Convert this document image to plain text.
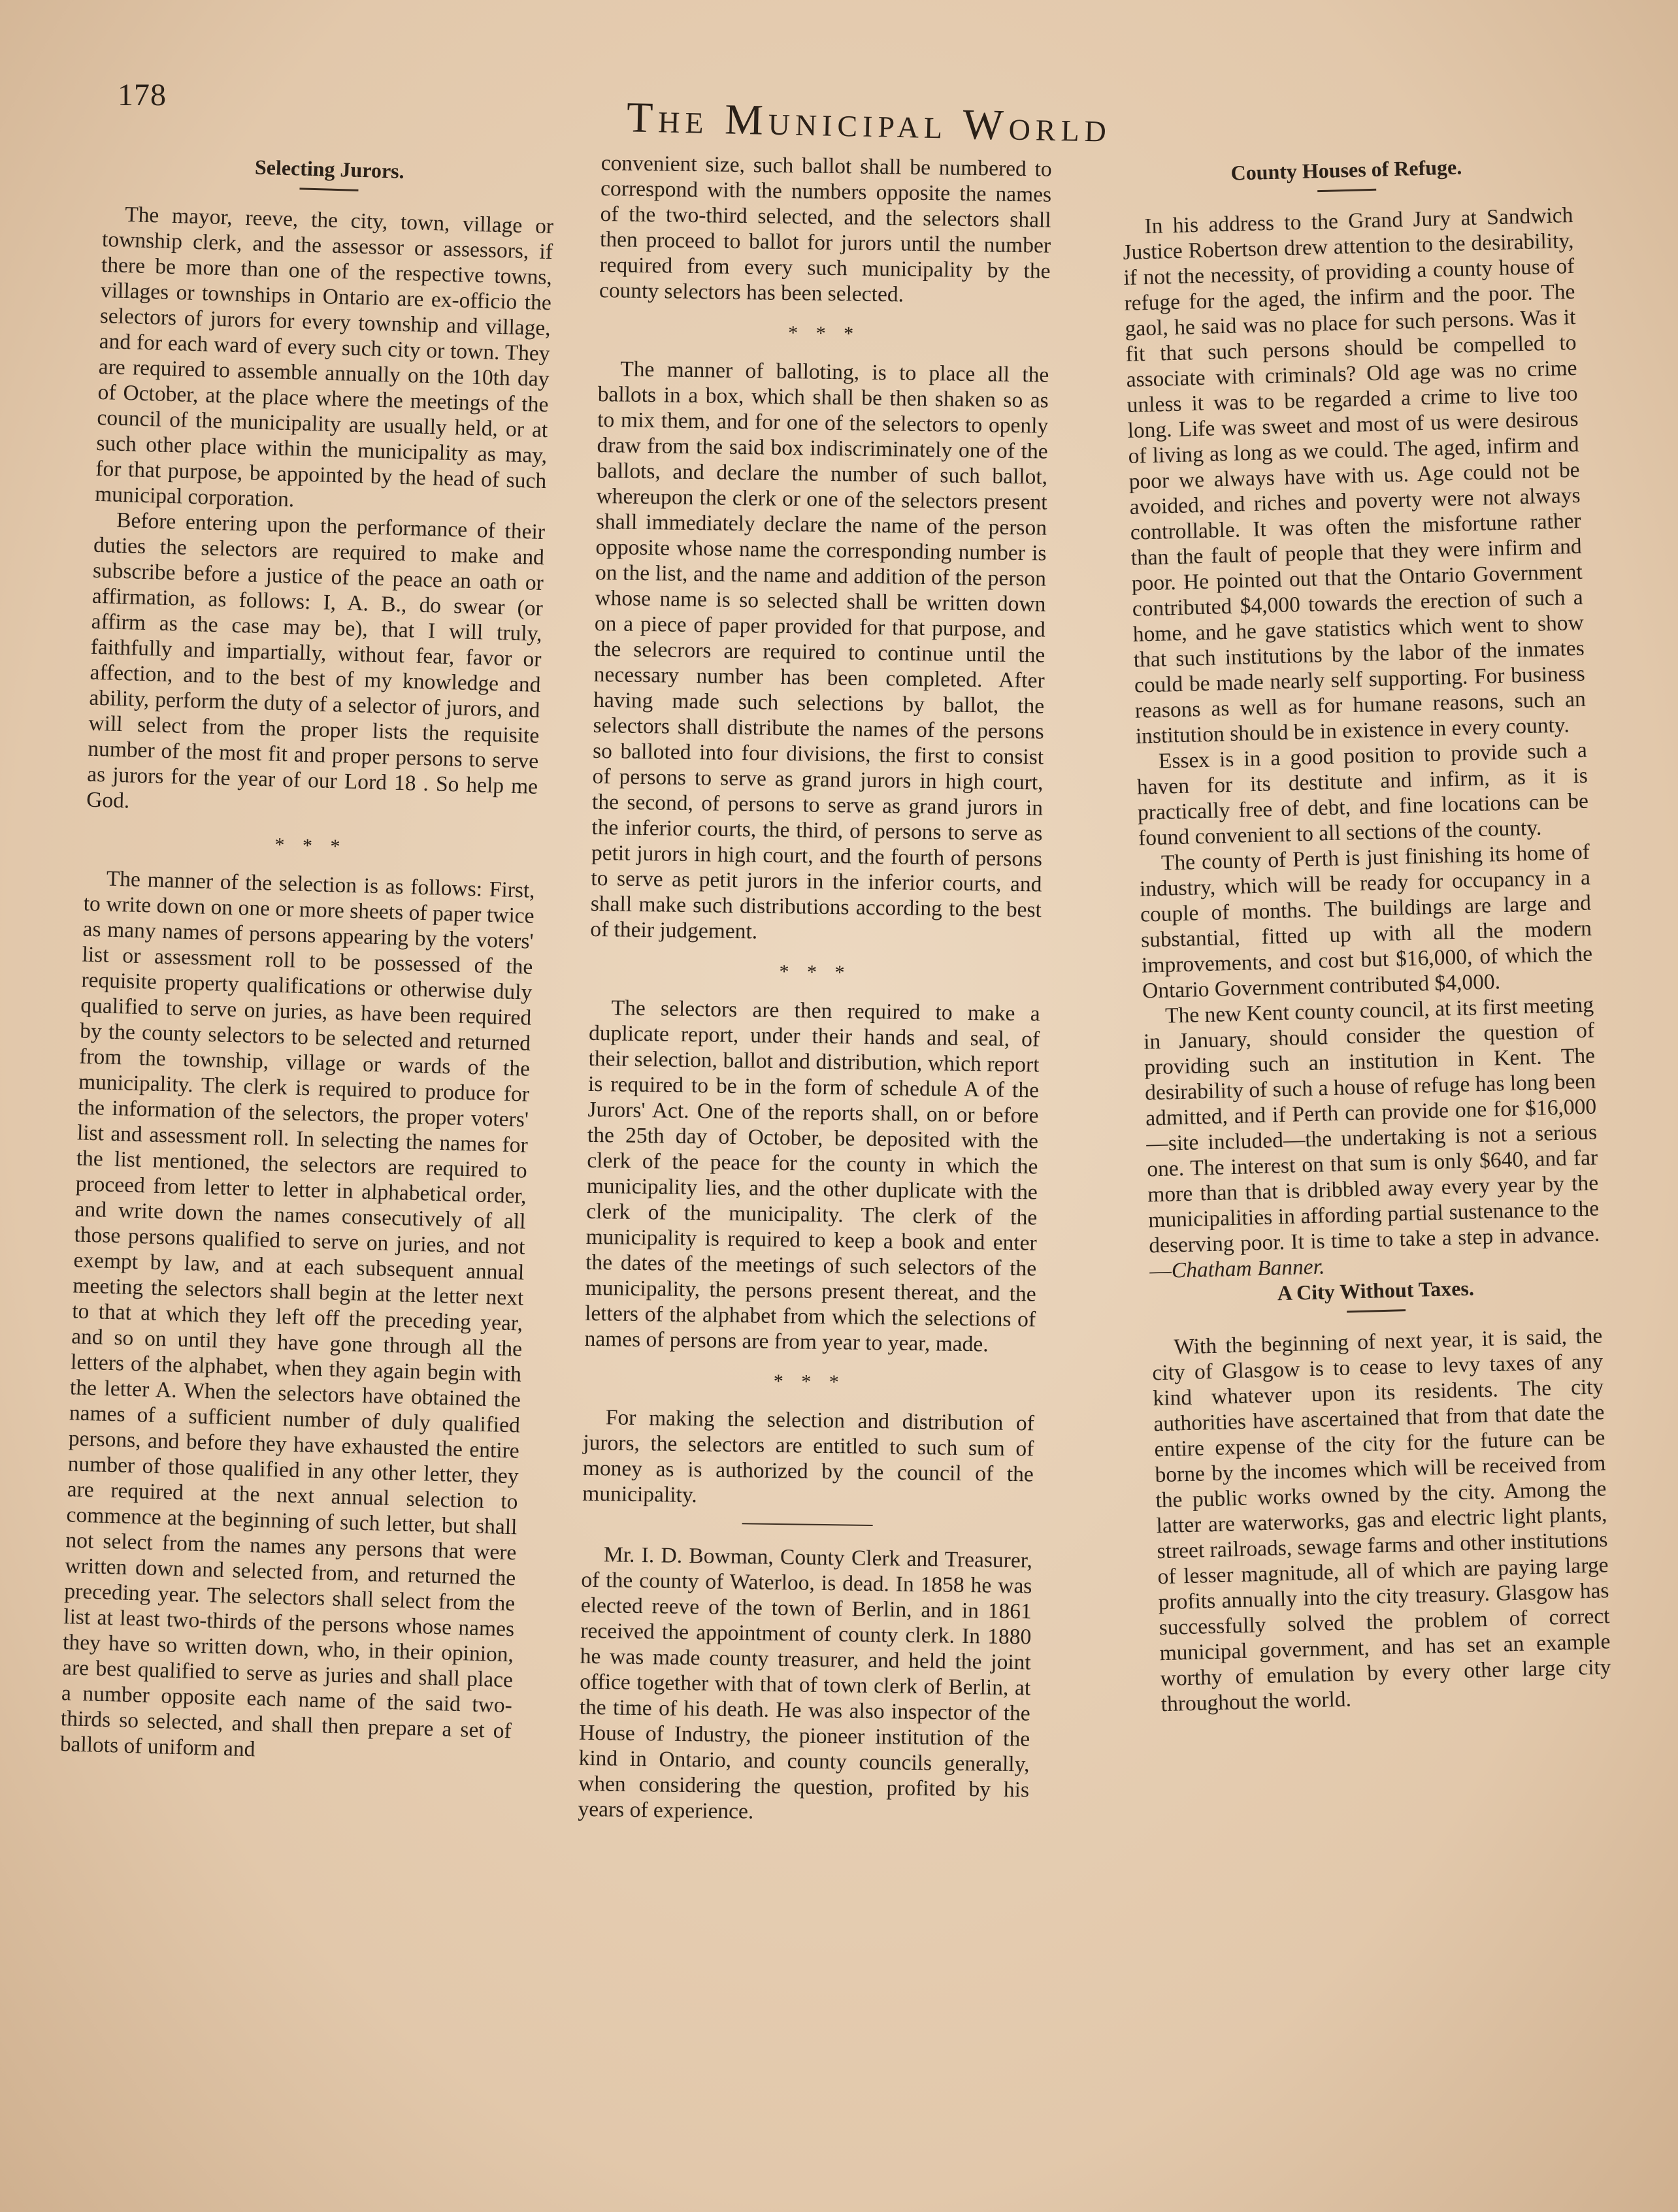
178	The Municipal World
Selecting Jurors.

The mayor, reeve, the city, town, village or township clerk, and the assessor or assessors, if there be more than one of the respective towns, villages or townships in Ontario are ex-officio the selectors of jurors for every township and village, and for each ward of every such city or town. They are required to assemble annually on the 10th day of October, at the place where the meetings of the council of the municipality are usually held, or at such other place within the municipality as may, for that purpose, be appointed by the head of such municipal corporation.

Before entering upon the performance of their duties the selectors are required to make and subscribe before a justice of the peace an oath or affirmation, as follows: I, A. B., do swear (or affirm as the case may be), that I will truly, faithfully and impartially, without fear, favor or affection, and to the best of my knowledge and ability, perform the duty of a selector of jurors, and will select from the proper lists the requisite number of the most fit and proper persons to serve as jurors for the year of our Lord 18 . So help me God.

* * *

The manner of the selection is as follows: First, to write down on one or more sheets of paper twice as many names of persons appearing by the voters' list or assessment roll to be possessed of the requisite property qualifications or otherwise duly qualified to serve on juries, as have been required by the county selectors to be selected and returned from the township, village or wards of the municipality. The clerk is required to produce for the information of the selectors, the proper voters' list and assessment roll. In selecting the names for the list mentioned, the selectors are required to proceed from letter to letter in alphabetical order, and write down the names consecutively of all those persons qualified to serve on juries, and not exempt by law, and at each subsequent annual meeting the selectors shall begin at the letter next to that at which they left off the preceding year, and so on until they have gone through all the letters of the alphabet, when they again begin with the letter A. When the selectors have obtained the names of a sufficient number of duly qualified persons, and before they have exhausted the entire number of those qualified in any other letter, they are required at the next annual selection to commence at the beginning of such letter, but shall not select from the names any persons that were written down and selected from, and returned the preceding year. The selectors shall select from the list at least two-thirds of the persons whose names they have so written down, who, in their opinion, are best qualified to serve as juries and shall place a number opposite each name of the said two-thirds so selected, and shall then prepare a set of ballots of uniform and

convenient size, such ballot shall be numbered to correspond with the numbers opposite the names of the two-third selected, and the selectors shall then proceed to ballot for jurors until the number required from every such municipality by the county selectors has been selected.

* * *

The manner of balloting, is to place all the ballots in a box, which shall be then shaken so as to mix them, and for one of the selectors to openly draw from the said box indiscriminately one of the ballots, and declare the number of such ballot, whereupon the clerk or one of the selectors present shall immediately declare the name of the person opposite whose name the corresponding number is on the list, and the name and addition of the person whose name is so selected shall be written down on a piece of paper provided for that purpose, and the selecrors are required to continue until the necessary number has been completed. After having made such selections by ballot, the selectors shall distribute the names of the persons so balloted into four divisions, the first to consist of persons to serve as grand jurors in high court, the second, of persons to serve as grand jurors in the inferior courts, the third, of persons to serve as petit jurors in high court, and the fourth of persons to serve as petit jurors in the inferior courts, and shall make such distributions according to the best of their judgement.

* * *

The selectors are then required to make a duplicate report, under their hands and seal, of their selection, ballot and distribution, which report is required to be in the form of schedule A of the Jurors' Act. One of the reports shall, on or before the 25th day of October, be deposited with the clerk of the peace for the county in which the municipality lies, and the other duplicate with the clerk of the municipality. The clerk of the municipality is required to keep a book and enter the dates of the meetings of such selectors of the municipality, the persons present thereat, and the letters of the alphabet from which the selections of names of persons are from year to year, made.

* * *

For making the selection and distribution of jurors, the selectors are entitled to such sum of money as is authorized by the council of the municipality.

Mr. I. D. Bowman, County Clerk and Treasurer, of the county of Waterloo, is dead. In 1858 he was elected reeve of the town of Berlin, and in 1861 received the appointment of county clerk. In 1880 he was made county treasurer, and held the joint office together with that of town clerk of Berlin, at the time of his death. He was also inspector of the House of Industry, the pioneer institution of the kind in Ontario, and county councils generally, when considering the question, profited by his years of experience.

County Houses of Refuge.

In his address to the Grand Jury at Sandwich Justice Robertson drew attention to the desirability, if not the necessity, of providing a county house of refuge for the aged, the infirm and the poor. The gaol, he said was no place for such persons. Was it fit that such persons should be compelled to associate with criminals? Old age was no crime unless it was to be regarded a crime to live too long. Life was sweet and most of us were desirous of living as long as we could. The aged, infirm and poor we always have with us. Age could not be avoided, and riches and poverty were not always controllable. It was often the misfortune rather than the fault of people that they were infirm and poor. He pointed out that the Ontario Government contributed $4,000 towards the erection of such a home, and he gave statistics which went to show that such institutions by the labor of the inmates could be made nearly self supporting. For business reasons as well as for humane reasons, such an institution should be in existence in every county.

Essex is in a good position to provide such a haven for its destitute and infirm, as it is practically free of debt, and fine locations can be found convenient to all sections of the county.

The county of Perth is just finishing its home of industry, which will be ready for occupancy in a couple of months. The buildings are large and substantial, fitted up with all the modern improvements, and cost but $16,000, of which the Ontario Government contributed $4,000.

The new Kent county council, at its first meeting in January, should consider the question of providing such an institution in Kent. The desirability of such a house of refuge has long been admitted, and if Perth can provide one for $16,000—site included—the undertaking is not a serious one. The interest on that sum is only $640, and far more than that is dribbled away every year by the municipalities in affording partial sustenance to the deserving poor. It is time to take a step in advance.—Chatham Banner.

A City Without Taxes.

With the beginning of next year, it is said, the city of Glasgow is to cease to levy taxes of any kind whatever upon its residents. The city authorities have ascertained that from that date the entire expense of the city for the future can be borne by the incomes which will be received from the public works owned by the city. Among the latter are waterworks, gas and electric light plants, street railroads, sewage farms and other institutions of lesser magnitude, all of which are paying large profits annually into the city treasury. Glasgow has successfully solved the problem of correct municipal government, and has set an example worthy of emulation by every other large city throughout the world.
